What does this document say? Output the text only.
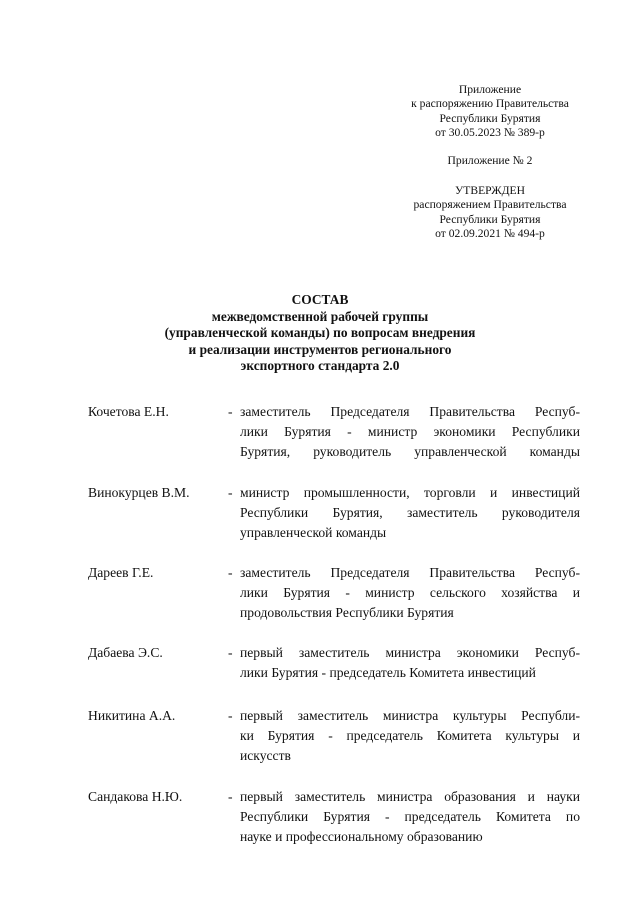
Приложение
к распоряжению Правительства
Республики Бурятия
от 30.05.2023 № 389-р
Приложение № 2
УТВЕРЖДЕН
распоряжением Правительства
Республики Бурятия
от 02.09.2021 № 494-р
СОСТАВ
межведомственной рабочей группы
(управленческой команды) по вопросам внедрения
и реализации инструментов регионального
экспортного стандарта 2.0
Кочетова Е.Н.	- заместитель Председателя Правительства Респуб-
лики Бурятия - министр экономики Республики
Бурятия, руководитель управленческой команды
Винокурцев В.М.	- министр промышленности, торговли и инвестиций
Республики Бурятия, заместитель руководителя
управленческой команды
Дареев Г.Е.	- заместитель Председателя Правительства Респуб-
лики Бурятия - министр сельского хозяйства и
продовольствия Республики Бурятия
Дабаева Э.С.	- первый заместитель министра экономики Респуб-
лики Бурятия - председатель Комитета инвестиций
Никитина А.А.	- первый заместитель министра культуры Республи-
ки Бурятия - председатель Комитета культуры и
искусств
Сандакова Н.Ю.	- первый заместитель министра образования и науки
Республики Бурятия - председатель Комитета по
науке и профессиональному образованию
